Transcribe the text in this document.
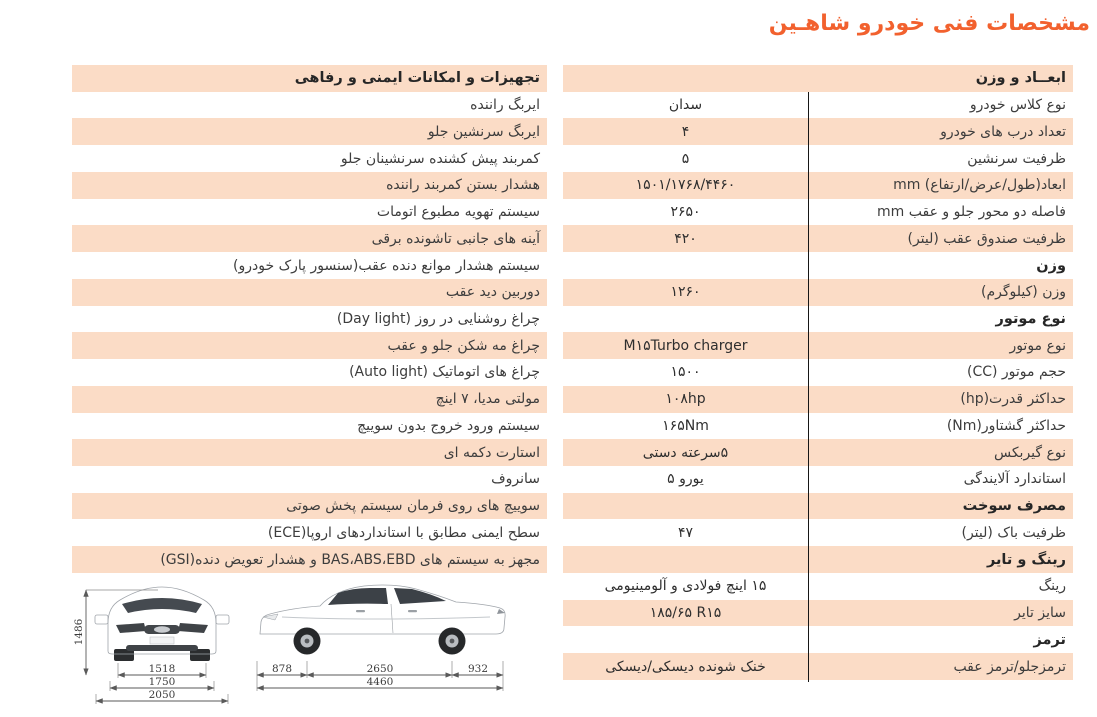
مشخصات فنی خودرو شاهـین
ابعــاد و وزن
نوع کلاس خودرو
سدان
تعداد درب های خودرو
۴
ظرفیت سرنشین
۵
ابعاد(طول/عرض/ارتفاع) mm
۱۵۰۱/۱۷۶۸/۴۴۶۰
فاصله دو محور جلو و عقب mm
۲۶۵۰
ظرفیت صندوق عقب (لیتر)
۴۲۰
وزن
وزن (کیلوگرم)
۱۲۶۰
نوع موتور
نوع موتور
M۱۵Turbo charger
حجم موتور (CC)
۱۵۰۰
حداکثر قدرت(hp)
۱۰۸hp
حداکثر گشتاور(Nm)
۱۶۵Nm
نوع گیربکس
۵سرعته دستی
استاندارد آلایندگی
یورو ۵
مصرف سوخت
ظرفیت باک (لیتر)
۴۷
رینگ و تایر
رینگ
۱۵ اینچ فولادی و آلومینیومی
سایز تایر
۱۸۵/۶۵ R۱۵
ترمز
ترمزجلو/ترمز عقب
خنک شونده دیسکی/دیسکی
تجهیزات و امکانات ایمنی و رفاهی
ایربگ راننده
ایربگ سرنشین جلو
کمربند پیش کشنده سرنشینان جلو
هشدار بستن کمربند راننده
سیستم تهویه مطبوع اتومات
آینه های جانبی تاشونده برقی
سیستم هشدار موانع دنده عقب(سنسور پارک خودرو)
دوربین دید عقب
چراغ روشنایی در روز (Day light)
چراغ مه شکن جلو و عقب
چراغ های اتوماتیک (Auto light)
مولتی مدیا، ۷ اینچ
سیستم ورود خروج بدون سوییچ
استارت دکمه ای
سانروف
سوییچ های روی فرمان سیستم پخش صوتی
سطح ایمنی مطابق با استانداردهای اروپا(ECE)
مجهز به سیستم های BAS،ABS،EBD و هشدار تعویض دنده(GSI)
1486
1518
1750
2050
878	2650	932
4460
